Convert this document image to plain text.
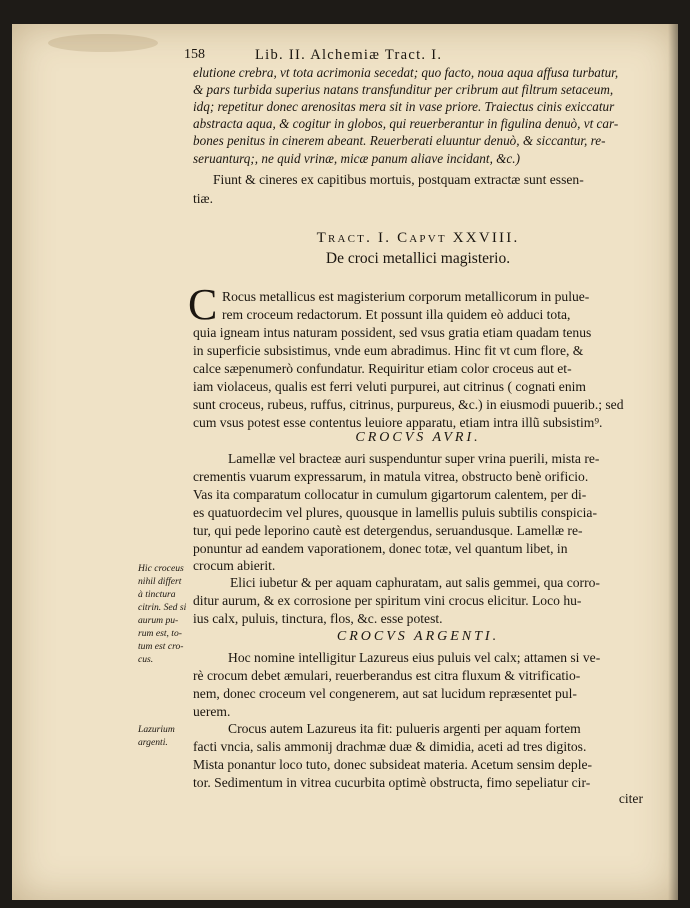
158	Lib. II. Alchemiæ Tract. I.
elutione crebra, vt tota acrimonia secedat; quo facto, noua aqua affusa turbatur,
& pars turbida superius natans transfunditur per cribrum aut filtrum setaceum,
idq; repetitur donec arenositas mera sit in vase priore. Traiectus cinis exiccatur
abstracta aqua, & cogitur in globos, qui reuerberantur in figulina denuò, vt car-
bones penitus in cinerem abeant. Reuerberati eluuntur denuò, & siccantur, re-
seruanturq;, ne quid vrinæ, micæ panum aliave incidant, &c.)
Fiunt & cineres ex capitibus mortuis, postquam extractæ sunt essen-
tiæ.
Tract. I. Capvt XXVIII.
De croci metallici magisterio.
C Rocus metallicus est magisterium corporum metallicorum in pulue-
rem croceum redactorum. Et possunt illa quidem eò adduci tota,
quia igneam intus naturam possident, sed vsus gratia etiam quadam tenus
in superficie subsistimus, vnde eum abradimus. Hinc fit vt cum flore, &
calce sæpenumerò confundatur. Requiritur etiam color croceus aut et-
iam violaceus, qualis est ferri veluti purpurei, aut citrinus ( cognati enim
sunt croceus, rubeus, ruffus, citrinus, purpureus, &c.) in eiusmodi puuerib.; sed
cum vsus potest esse contentus leuiore apparatu, etiam intra illũ subsistim⁹.
CROCVS AVRI.
Lamellæ vel bracteæ auri suspenduntur super vrina puerili, mista re-
crementis vuarum expressarum, in matula vitrea, obstructo benè orificio.
Vas ita comparatum collocatur in cumulum gigartorum calentem, per di-
es quatuordecim vel plures, quousque in lamellis puluis subtilis conspicia-
tur, qui pede leporino cautè est detergendus, seruandusque. Lamellæ re-
ponuntur ad eandem vaporationem, donec totæ, vel quantum libet, in
crocum abierit.
Elici iubetur & per aquam caphuratam, aut salis gemmei, qua corro-
ditur aurum, & ex corrosione per spiritum vini crocus elicitur. Loco hu-
ius calx, puluis, tinctura, flos, &c. esse potest.
CROCVS ARGENTI.
Hoc nomine intelligitur Lazureus eius puluis vel calx; attamen si ve-
rè crocum debet æmulari, reuerberandus est citra fluxum & vitrificatio-
nem, donec croceum vel congenerem, aut sat lucidum repræsentet pul-
uerem.
Crocus autem Lazureus ita fit: pulueris argenti per aquam fortem
facti vncia, salis ammonij drachmæ duæ & dimidia, aceti ad tres digitos.
Mista ponantur loco tuto, donec subsideat materia. Acetum sensim deple-
tor. Sedimentum in vitrea cucurbita optimè obstructa, fimo sepeliatur cir-
citer
Hic croceus
nihil differt
à tinctura
citrin. Sed si
aurum pu-
rum est, to-
tum est cro-
cus.
Lazurium
argenti.
